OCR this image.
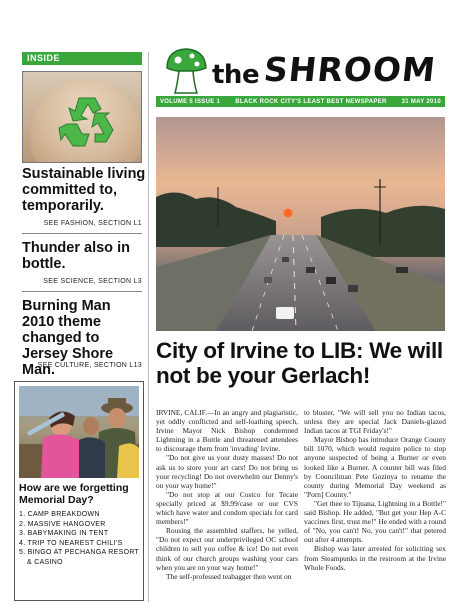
INSIDE
Sustainable living committed to, temporarily.
SEE FASHION, SECTION L1
Thunder also in bottle.
SEE SCIENCE, SECTION L3
Burning Man 2010 theme changed to Jersey Shore Man.
SEE CULTURE, SECTION L13
How are we forgetting Memorial Day?
1. CAMP BREAKDOWN
2. MASSIVE HANGOVER
3. BABYMAKING IN TENT
4. TRIP TO NEAREST CHILI'S
5. BINGO AT PECHANGA RESORT
& CASINO
the SHROOM
VOLUME 5 ISSUE 1	BLACK ROCK CITY'S LEAST BEST NEWSPAPER	31 MAY 2010
City of Irvine to LIB: We will not be your Gerlach!

IRVINE, CALIF.—In an angry and plagiaristic, yet oddly conflicted and self-loathing speech, Irvine Mayor Nick Bishop condemned Lightning in a Bottle and threatened attendees to discourage them from 'invading' Irvine.

"Do not give us your dusty masses! Do not ask us to store your art cars! Do not bring us your recycling! Do not overwhelm our Denny's on your way home!"

"Do not stop at our Costco for Tecate specially priced at $9.99/case or our CVS which have water and condom specials for card members!"

Rousing the assembled staffers, he yelled, "Do not expect our underprivileged OC school children to sell you coffee & ice! Do not even think of our church groups washing your cars when you are on your way home!"

The self-professed teabagger then went on

to bluster, "We will sell you no Indian tacos, unless they are special Jack Daniels-glazed Indian tacos at TGI Friday's!"

Mayor Bishop has introduce Orange County bill 1070, which would require police to stop anyone suspected of being a Burner or even looked like a Burner. A counter bill was filed by Councilman Pete Gozinya to rename the county during Memorial Day weekend as "Porn] County."

"Get thee to Tijuana, Lightning in a Bottle!" said Bishop. He added, "But get your Hep A-C vaccines first, trust me!" He ended with a round of "No, you can't! No, you can't!" that petered out after 4 attempts.

Bishop was later arrested for soliciting sex from Steampunks in the restroom at the Irvine Whole Foods.
